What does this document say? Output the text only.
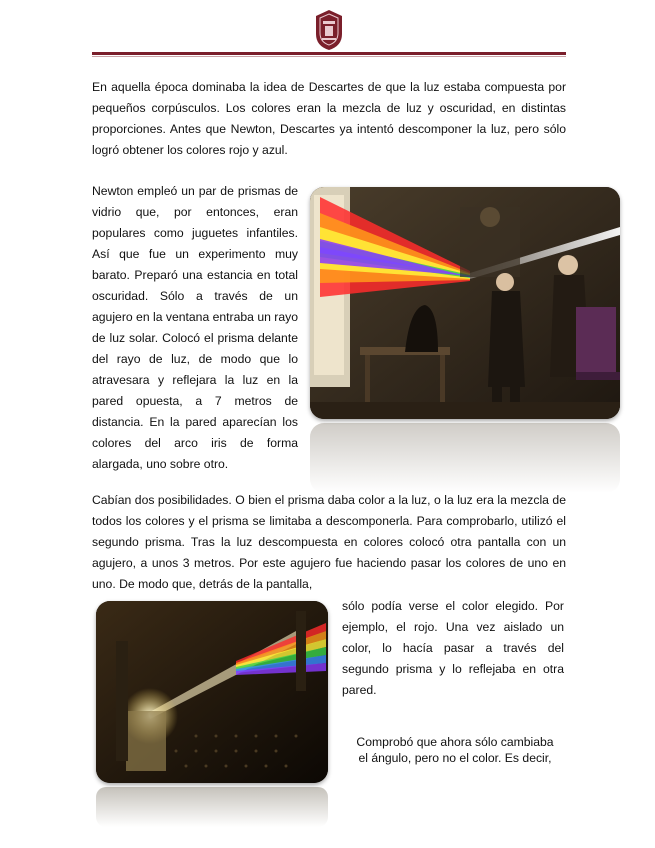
En aquella época dominaba la idea de Descartes de que la luz estaba compuesta por pequeños corpúsculos. Los colores eran la mezcla de luz y oscuridad, en distintas proporciones. Antes que Newton, Descartes ya intentó descomponer la luz, pero sólo logró obtener los colores rojo y azul.

Newton empleó un par de prismas de vidrio que, por entonces, eran populares como juguetes infantiles. Así que fue un experimento muy barato. Preparó una estancia en total oscuridad. Sólo a través de un agujero en la ventana entraba un rayo de luz solar. Colocó el prisma delante del rayo de luz, de modo que lo atravesara y reflejara la luz en la pared opuesta, a 7 metros de distancia. En la pared aparecían los colores del arco iris de forma alargada, uno sobre otro.

Cabían dos posibilidades. O bien el prisma daba color a la luz, o la luz era la mezcla de todos los colores y el prisma se limitaba a descomponerla. Para comprobarlo, utilizó el segundo prisma. Tras la luz descompuesta en colores colocó otra pantalla con un agujero, a unos 3 metros. Por este agujero fue haciendo pasar los colores de uno en uno. De modo que, detrás de la pantalla,

sólo podía verse el color elegido. Por ejemplo, el rojo. Una vez aislado un color, lo hacía pasar a través del segundo prisma y lo reflejaba en otra pared.

Comprobó que ahora sólo cambiaba el ángulo, pero no el color. Es decir,
